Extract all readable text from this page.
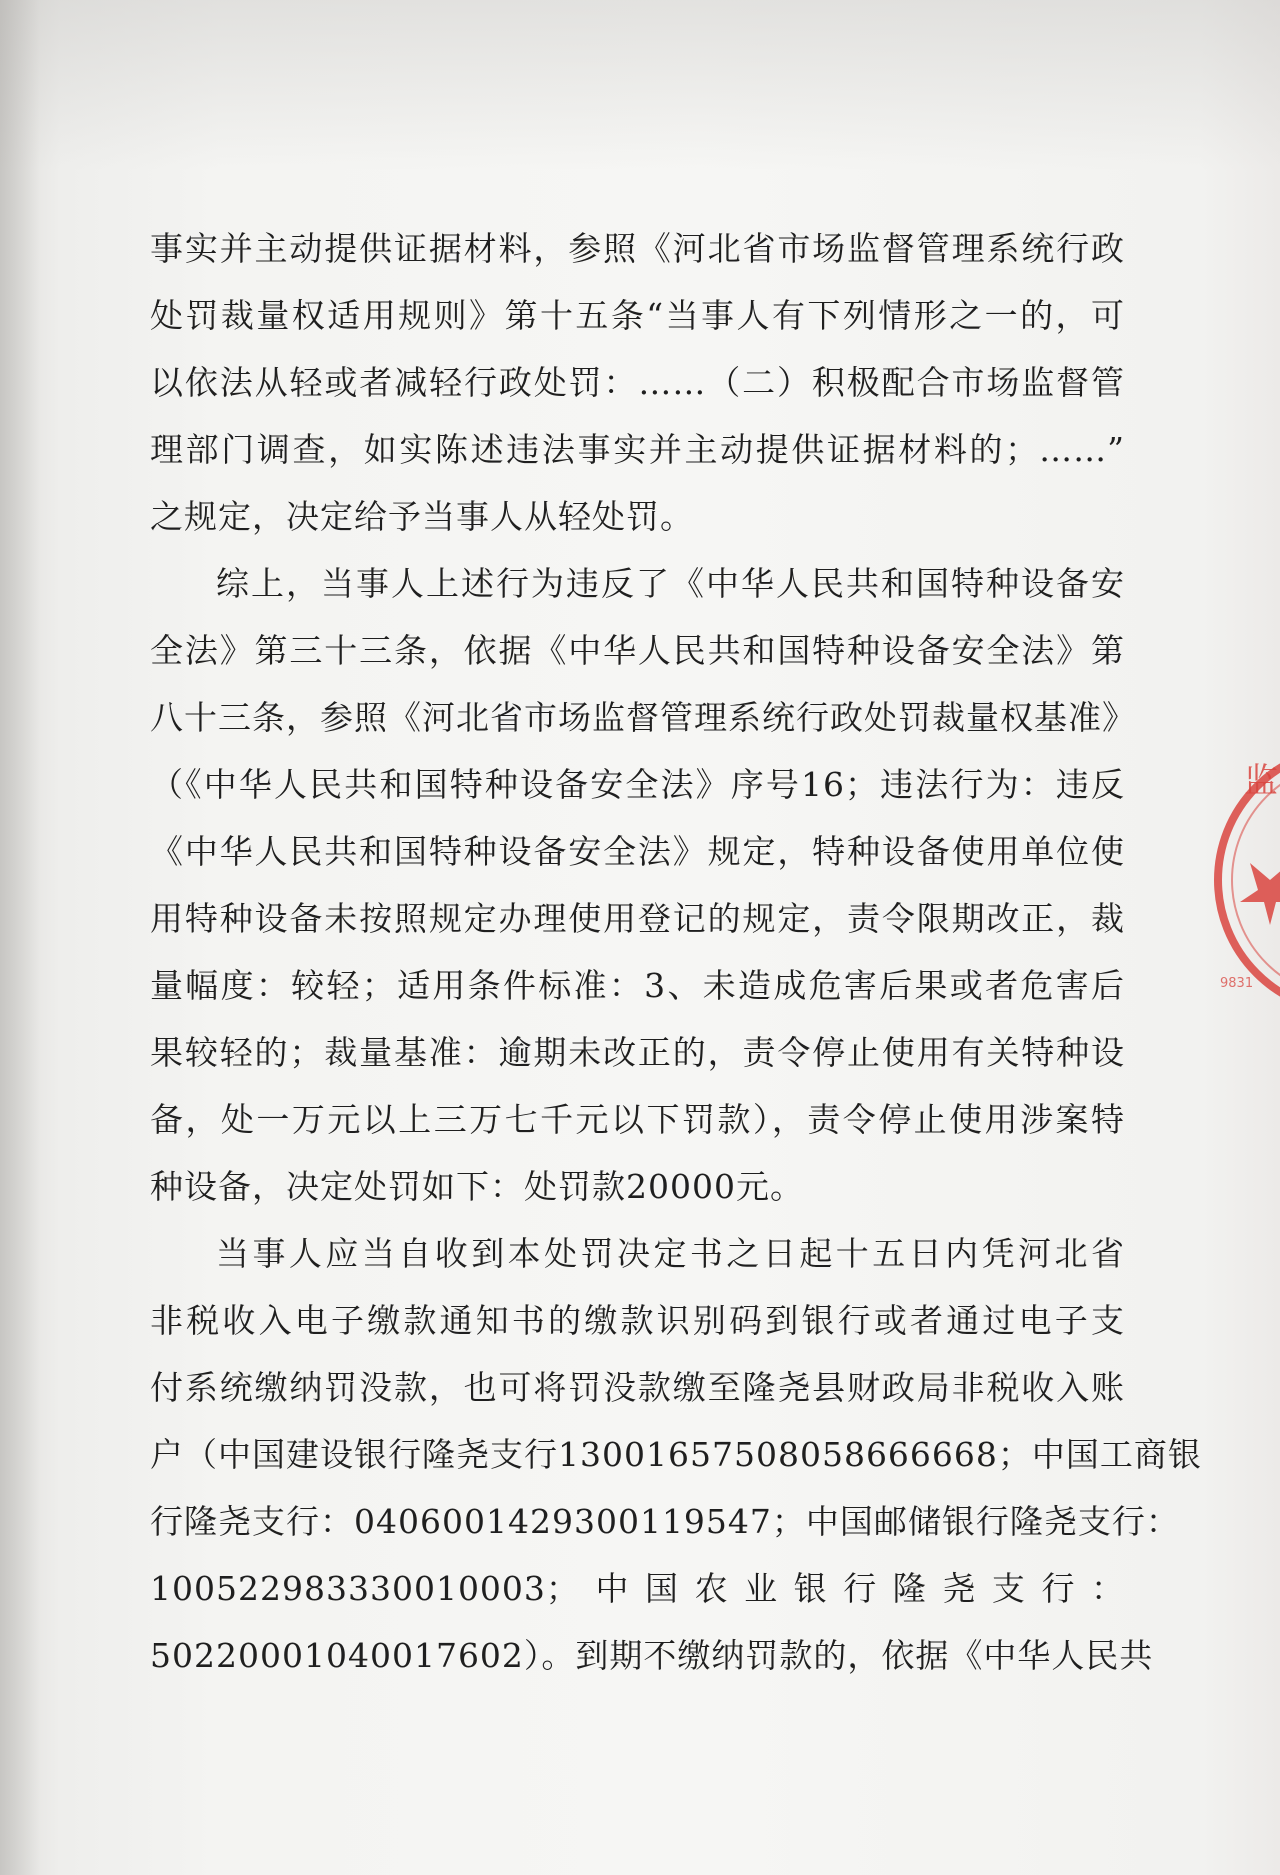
事实并主动提供证据材料，参照《河北省市场监督管理系统行政
处罚裁量权适用规则》第十五条“当事人有下列情形之一的，可
以依法从轻或者减轻行政处罚：……（二）积极配合市场监督管
理部门调查，如实陈述违法事实并主动提供证据材料的；……”
之规定，决定给予当事人从轻处罚。
综上，当事人上述行为违反了《中华人民共和国特种设备安
全法》第三十三条，依据《中华人民共和国特种设备安全法》第
八十三条，参照《河北省市场监督管理系统行政处罚裁量权基准》
（《中华人民共和国特种设备安全法》序号16；违法行为：违反
《中华人民共和国特种设备安全法》规定，特种设备使用单位使
用特种设备未按照规定办理使用登记的规定，责令限期改正，裁
量幅度：较轻；适用条件标准：3、未造成危害后果或者危害后
果较轻的；裁量基准：逾期未改正的，责令停止使用有关特种设
备，处一万元以上三万七千元以下罚款），责令停止使用涉案特
种设备，决定处罚如下：处罚款20000元。
当事人应当自收到本处罚决定书之日起十五日内凭河北省
非税收入电子缴款通知书的缴款识别码到银行或者通过电子支
付系统缴纳罚没款，也可将罚没款缴至隆尧县财政局非税收入账
户（中国建设银行隆尧支行13001657508058666668；中国工商银
行隆尧支行：0406001429300119547；中国邮储银行隆尧支行：
100522983330010003；中国农业银行隆尧支行：
50220001040017602）。到期不缴纳罚款的，依据《中华人民共
监
9831
